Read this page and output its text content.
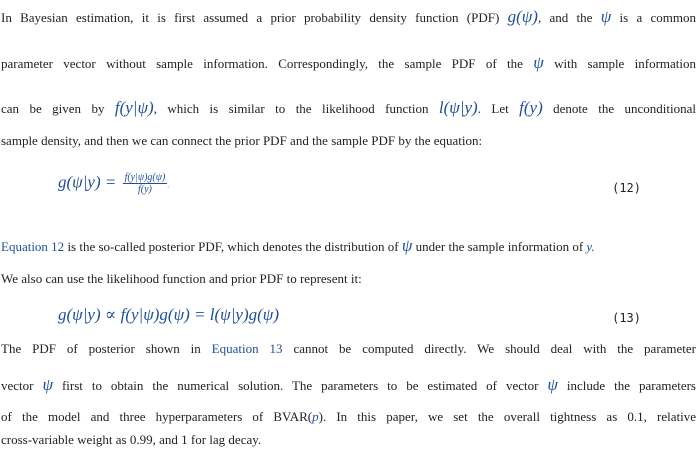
In Bayesian estimation, it is first assumed a prior probability density function (PDF) g(ψ), and the ψ is a common
parameter vector without sample information. Correspondingly, the sample PDF of the ψ with sample information
can be given by f(y|ψ), which is similar to the likelihood function l(ψ|y). Let f(y) denote the unconditional
sample density, and then we can connect the prior PDF and the sample PDF by the equation:
$g(\psi|y) = \frac{f(y|\psi)g(\psi)}{f(y)}$ .	(12)
Equation 12 is the so-called posterior PDF, which denotes the distribution of ψ under the sample information of y.
We also can use the likelihood function and prior PDF to represent it:
g(ψ|y) ∝ f(y|ψ)g(ψ) = l(ψ|y)g(ψ)	(13)
The PDF of posterior shown in Equation 13 cannot be computed directly. We should deal with the parameter
vector ψ first to obtain the numerical solution. The parameters to be estimated of vector ψ include the parameters
of the model and three hyperparameters of BVAR(p). In this paper, we set the overall tightness as 0.1, relative
cross-variable weight as 0.99, and 1 for lag decay.
